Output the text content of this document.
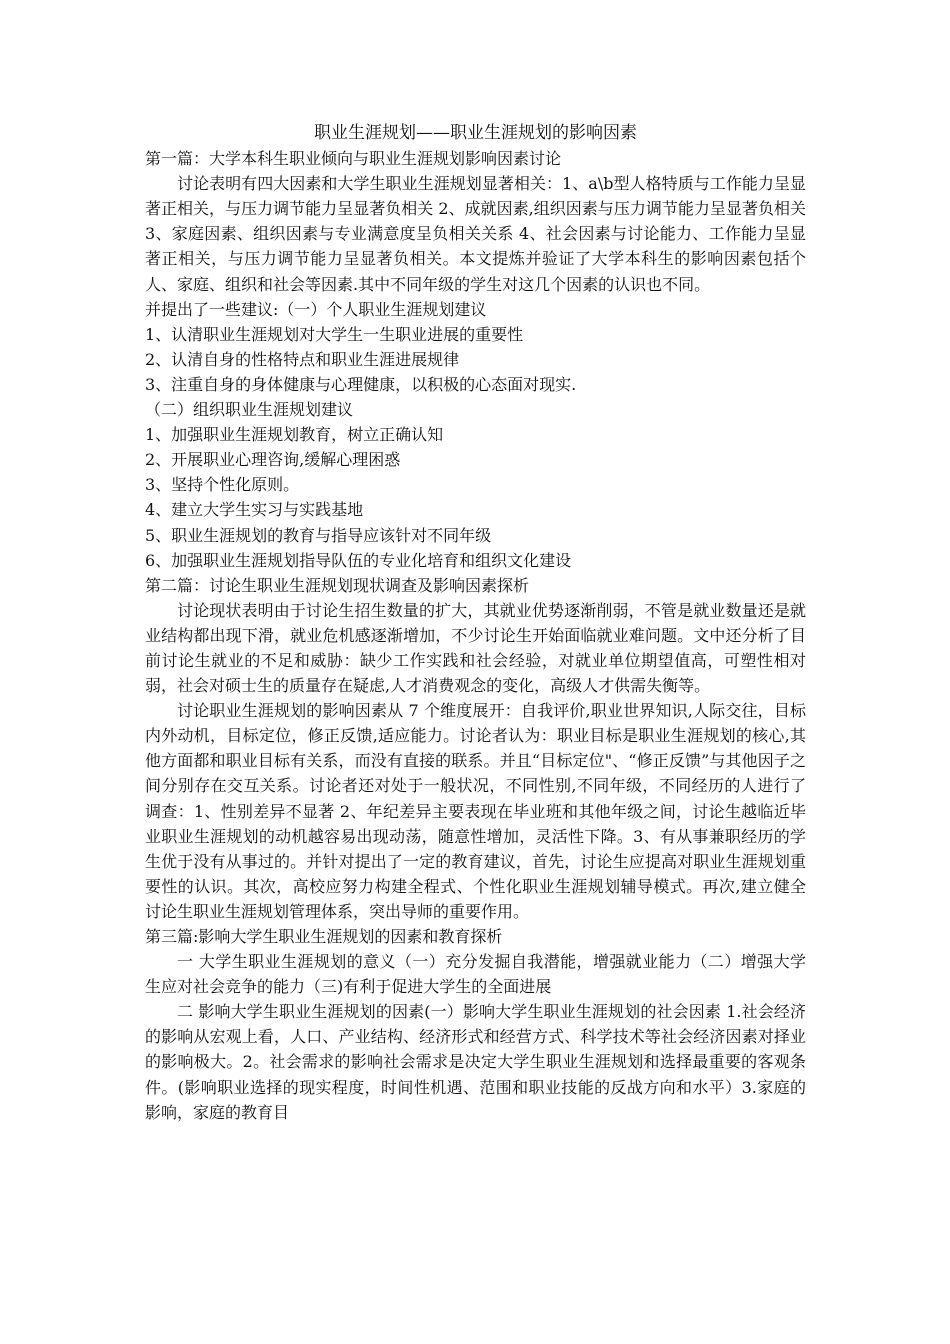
职业生涯规划——职业生涯规划的影响因素

第一篇：大学本科生职业倾向与职业生涯规划影响因素讨论

讨论表明有四大因素和大学生职业生涯规划显著相关：1、a\b型人格特质与工作能力呈显著正相关，与压力调节能力呈显著负相关 2、成就因素,组织因素与压力调节能力呈显著负相关 3、家庭因素、组织因素与专业满意度呈负相关关系 4、社会因素与讨论能力、工作能力呈显著正相关，与压力调节能力呈显著负相关。本文提炼并验证了大学本科生的影响因素包括个人、家庭、组织和社会等因素.其中不同年级的学生对这几个因素的认识也不同。

并提出了一些建议:（一）个人职业生涯规划建议

1、认清职业生涯规划对大学生一生职业进展的重要性

2、认清自身的性格特点和职业生涯进展规律

3、注重自身的身体健康与心理健康，以积极的心态面对现实.

（二）组织职业生涯规划建议

1、加强职业生涯规划教育，树立正确认知

2、开展职业心理咨询,缓解心理困惑

3、坚持个性化原则。

4、建立大学生实习与实践基地

5、职业生涯规划的教育与指导应该针对不同年级

6、加强职业生涯规划指导队伍的专业化培育和组织文化建设

第二篇：讨论生职业生涯规划现状调查及影响因素探析

讨论现状表明由于讨论生招生数量的扩大，其就业优势逐渐削弱，不管是就业数量还是就业结构都出现下滑，就业危机感逐渐增加，不少讨论生开始面临就业难问题。文中还分析了目前讨论生就业的不足和威胁：缺少工作实践和社会经验，对就业单位期望值高，可塑性相对弱，社会对硕士生的质量存在疑虑,人才消费观念的变化，高级人才供需失衡等。

讨论职业生涯规划的影响因素从 7 个维度展开：自我评价,职业世界知识,人际交往，目标内外动机，目标定位，修正反馈,适应能力。讨论者认为：职业目标是职业生涯规划的核心,其他方面都和职业目标有关系，而没有直接的联系。并且“目标定位"、“修正反馈”与其他因子之间分别存在交互关系。讨论者还对处于一般状况，不同性别,不同年级，不同经历的人进行了调查：1、性别差异不显著 2、年纪差异主要表现在毕业班和其他年级之间，讨论生越临近毕业职业生涯规划的动机越容易出现动荡，随意性增加，灵活性下降。3、有从事兼职经历的学生优于没有从事过的。并针对提出了一定的教育建议，首先，讨论生应提高对职业生涯规划重要性的认识。其次，高校应努力构建全程式、个性化职业生涯规划辅导模式。再次,建立健全讨论生职业生涯规划管理体系，突出导师的重要作用。

第三篇:影响大学生职业生涯规划的因素和教育探析

一 大学生职业生涯规划的意义（一）充分发掘自我潜能，增强就业能力（二）增强大学生应对社会竞争的能力（三)有利于促进大学生的全面进展

二 影响大学生职业生涯规划的因素(一）影响大学生职业生涯规划的社会因素 1.社会经济的影响从宏观上看，人口、产业结构、经济形式和经营方式、科学技术等社会经济因素对择业的影响极大。2。社会需求的影响社会需求是决定大学生职业生涯规划和选择最重要的客观条件。(影响职业选择的现实程度，时间性机遇、范围和职业技能的反战方向和水平）3.家庭的影响，家庭的教育目
